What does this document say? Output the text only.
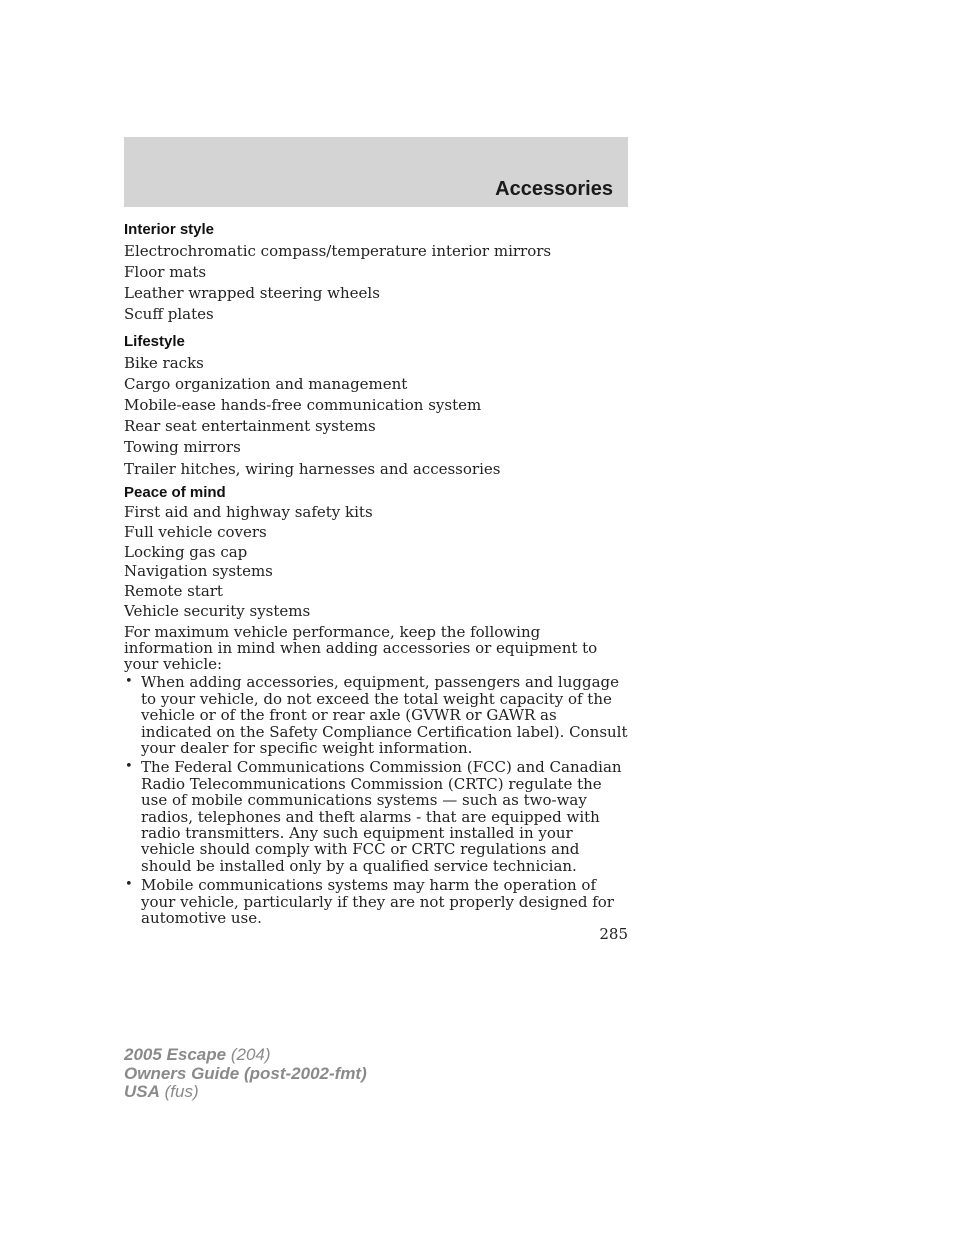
Accessories
Interior style
Electrochromatic compass/temperature interior mirrors
Floor mats
Leather wrapped steering wheels
Scuff plates
Lifestyle
Bike racks
Cargo organization and management
Mobile-ease hands-free communication system
Rear seat entertainment systems
Towing mirrors
Trailer hitches, wiring harnesses and accessories
Peace of mind
First aid and highway safety kits
Full vehicle covers
Locking gas cap
Navigation systems
Remote start
Vehicle security systems
For maximum vehicle performance, keep the following information in mind when adding accessories or equipment to your vehicle:
• When adding accessories, equipment, passengers and luggage to your vehicle, do not exceed the total weight capacity of the vehicle or of the front or rear axle (GVWR or GAWR as indicated on the Safety Compliance Certification label). Consult your dealer for specific weight information.
• The Federal Communications Commission (FCC) and Canadian Radio Telecommunications Commission (CRTC) regulate the use of mobile communications systems — such as two-way radios, telephones and theft alarms - that are equipped with radio transmitters. Any such equipment installed in your vehicle should comply with FCC or CRTC regulations and should be installed only by a qualified service technician.
• Mobile communications systems may harm the operation of your vehicle, particularly if they are not properly designed for automotive use.
285
2005 Escape (204)
Owners Guide (post-2002-fmt)
USA (fus)
